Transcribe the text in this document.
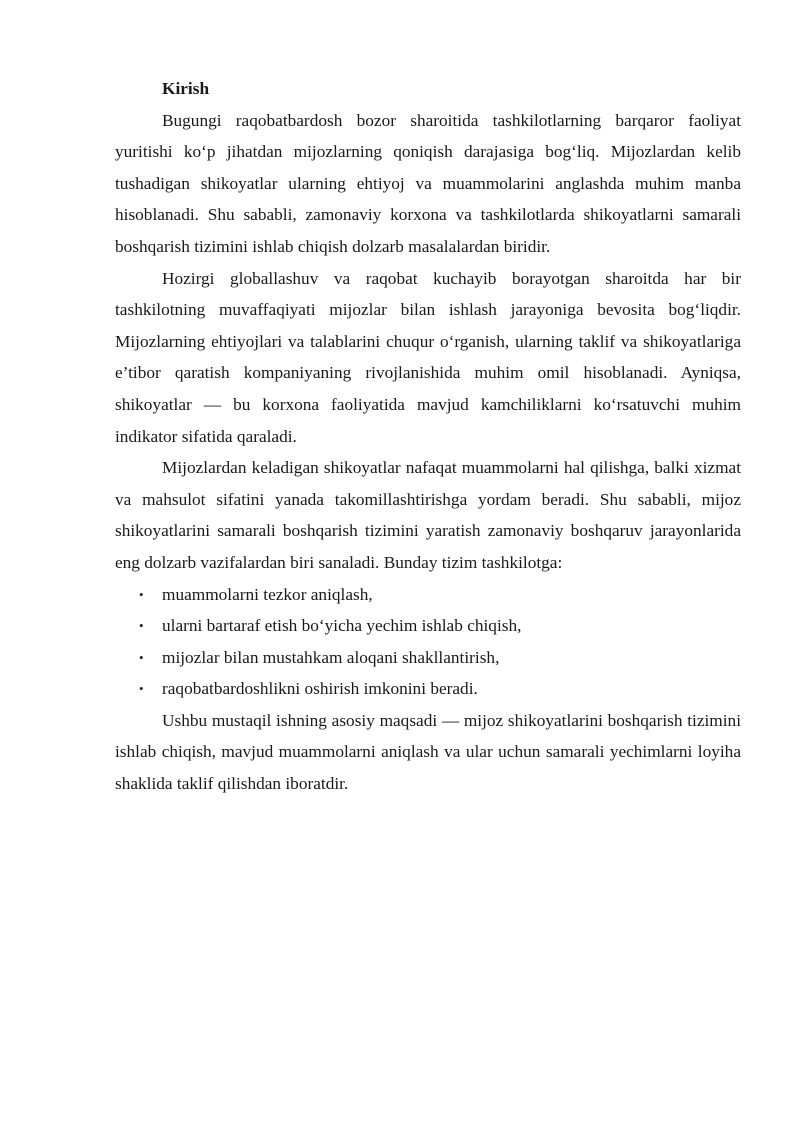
Kirish

Bugungi raqobatbardosh bozor sharoitida tashkilotlarning barqaror faoliyat yuritishi ko‘p jihatdan mijozlarning qoniqish darajasiga bog‘liq. Mijozlardan kelib tushadigan shikoyatlar ularning ehtiyoj va muammolarini anglashda muhim manba hisoblanadi. Shu sababli, zamonaviy korxona va tashkilotlarda shikoyatlarni samarali boshqarish tizimini ishlab chiqish dolzarb masalalardan biridir.

Hozirgi globallashuv va raqobat kuchayib borayotgan sharoitda har bir tashkilotning muvaffaqiyati mijozlar bilan ishlash jarayoniga bevosita bog‘liqdir. Mijozlarning ehtiyojlari va talablarini chuqur o‘rganish, ularning taklif va shikoyatlariga e’tibor qaratish kompaniyaning rivojlanishida muhim omil hisoblanadi. Ayniqsa, shikoyatlar — bu korxona faoliyatida mavjud kamchiliklarni ko‘rsatuvchi muhim indikator sifatida qaraladi.

Mijozlardan keladigan shikoyatlar nafaqat muammolarni hal qilishga, balki xizmat va mahsulot sifatini yanada takomillashtirishga yordam beradi. Shu sababli, mijoz shikoyatlarini samarali boshqarish tizimini yaratish zamonaviy boshqaruv jarayonlarida eng dolzarb vazifalardan biri sanaladi. Bunday tizim tashkilotga:

• muammolarni tezkor aniqlash,
• ularni bartaraf etish bo‘yicha yechim ishlab chiqish,
• mijozlar bilan mustahkam aloqani shakllantirish,
• raqobatbardoshlikni oshirish imkonini beradi.

Ushbu mustaqil ishning asosiy maqsadi — mijoz shikoyatlarini boshqarish tizimini ishlab chiqish, mavjud muammolarni aniqlash va ular uchun samarali yechimlarni loyiha shaklida taklif qilishdan iboratdir.
